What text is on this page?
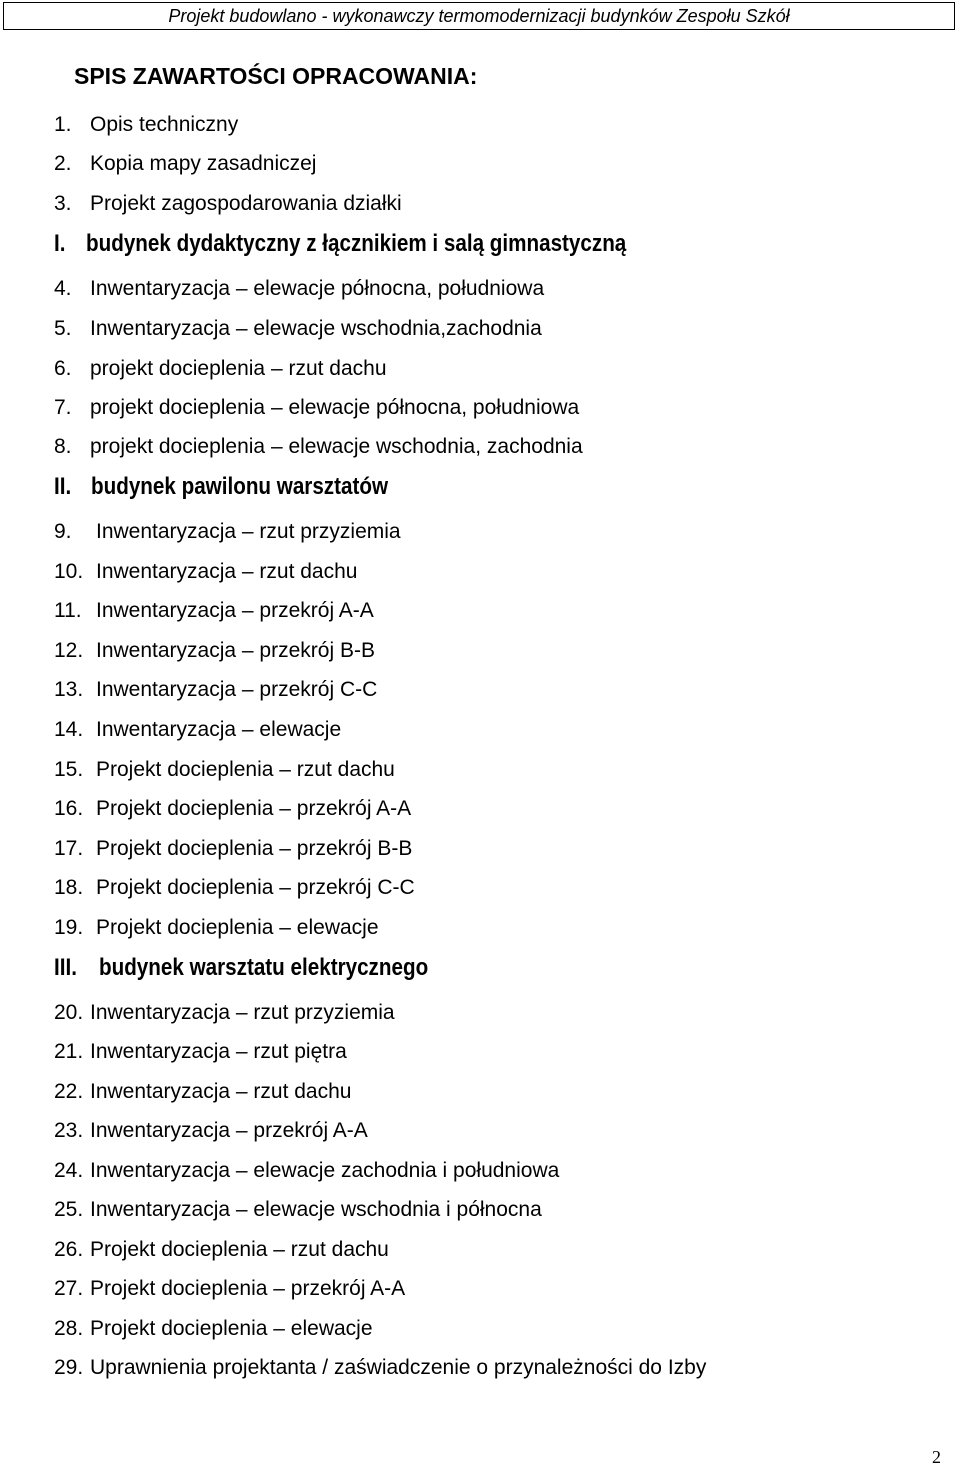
Projekt budowlano - wykonawczy termomodernizacji budynków Zespołu Szkół
SPIS ZAWARTOŚCI OPRACOWANIA:
1. Opis techniczny
2. Kopia mapy zasadniczej
3. Projekt zagospodarowania działki
I. budynek dydaktyczny z łącznikiem i salą gimnastyczną
4. Inwentaryzacja – elewacje północna, południowa
5. Inwentaryzacja – elewacje wschodnia,zachodnia
6. projekt docieplenia – rzut dachu
7. projekt docieplenia – elewacje północna, południowa
8. projekt docieplenia – elewacje wschodnia, zachodnia
II. budynek pawilonu warsztatów
9. Inwentaryzacja – rzut przyziemia
10. Inwentaryzacja – rzut dachu
11. Inwentaryzacja – przekrój A-A
12. Inwentaryzacja – przekrój B-B
13. Inwentaryzacja – przekrój C-C
14. Inwentaryzacja – elewacje
15. Projekt docieplenia – rzut dachu
16. Projekt docieplenia – przekrój A-A
17. Projekt docieplenia – przekrój B-B
18. Projekt docieplenia – przekrój C-C
19. Projekt docieplenia – elewacje
III. budynek warsztatu elektrycznego
20. Inwentaryzacja – rzut przyziemia
21. Inwentaryzacja – rzut piętra
22. Inwentaryzacja – rzut dachu
23. Inwentaryzacja – przekrój A-A
24. Inwentaryzacja – elewacje zachodnia i południowa
25. Inwentaryzacja – elewacje wschodnia i północna
26. Projekt docieplenia – rzut dachu
27. Projekt docieplenia – przekrój A-A
28. Projekt docieplenia – elewacje
29. Uprawnienia projektanta / zaświadczenie o przynależności do Izby
2
